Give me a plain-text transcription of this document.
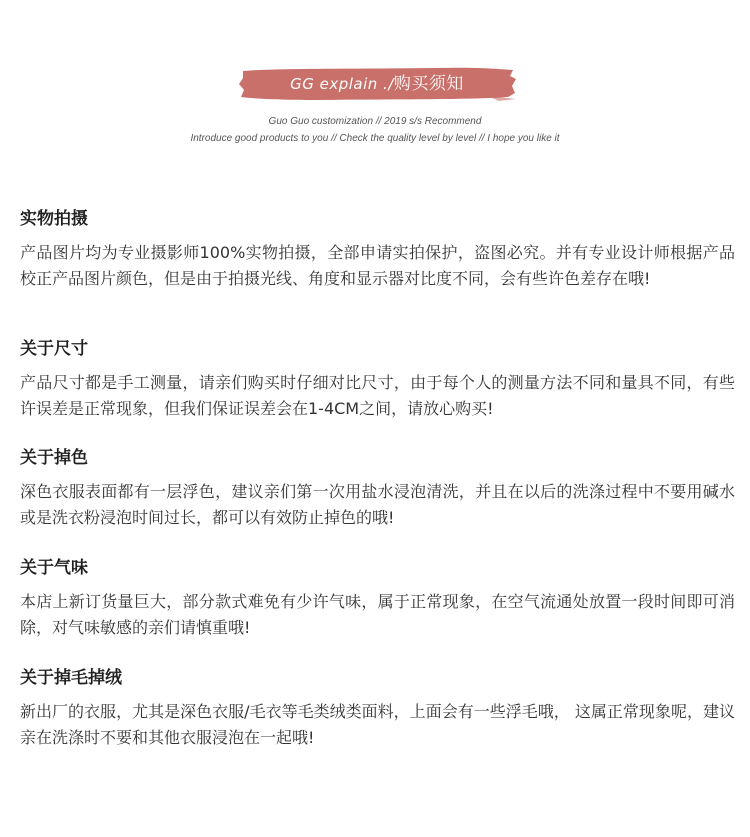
GG explain ./购买须知
Guo Guo customization // 2019 s/s Recommend
Introduce good products to you // Check the quality level by level // I hope you like it
实物拍摄

产品图片均为专业摄影师100%实物拍摄，全部申请实拍保护，盗图必究。并有专业设计师根据产品校正产品图片颜色，但是由于拍摄光线、角度和显示器对比度不同，会有些许色差存在哦!

关于尺寸

产品尺寸都是手工测量，请亲们购买时仔细对比尺寸，由于每个人的测量方法不同和量具不同，有些许误差是正常现象，但我们保证误差会在1-4CM之间，请放心购买!

关于掉色

深色衣服表面都有一层浮色，建议亲们第一次用盐水浸泡清洗，并且在以后的洗涤过程中不要用碱水或是洗衣粉浸泡时间过长，都可以有效防止掉色的哦!

关于气味

本店上新订货量巨大，部分款式难免有少许气味，属于正常现象，在空气流通处放置一段时间即可消除，对气味敏感的亲们请慎重哦!

关于掉毛掉绒

新出厂的衣服，尤其是深色衣服/毛衣等毛类绒类面料，上面会有一些浮毛哦， 这属正常现象呢，建议亲在洗涤时不要和其他衣服浸泡在一起哦!
